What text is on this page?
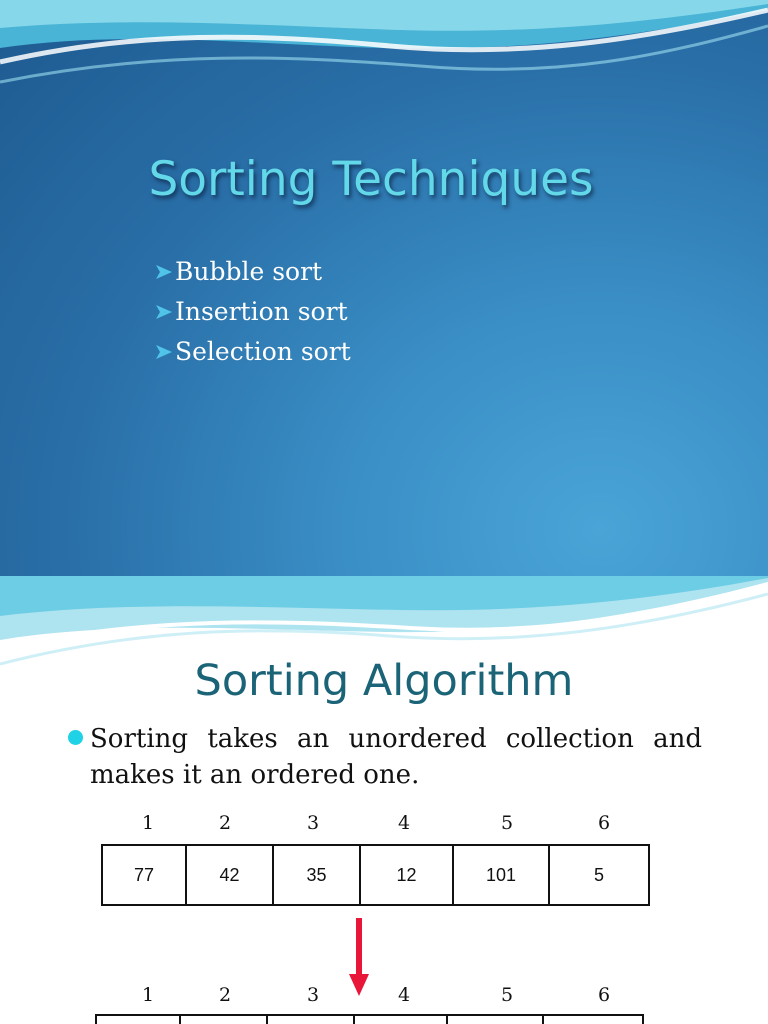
Sorting Techniques
Bubble sort
Insertion sort
Selection sort
Sorting Algorithm

Sorting takes an unordered collection and makes it an ordered one.

1	2	3	4	5	6
77	42	35	12	101	5
1	2	3	4	5	6
